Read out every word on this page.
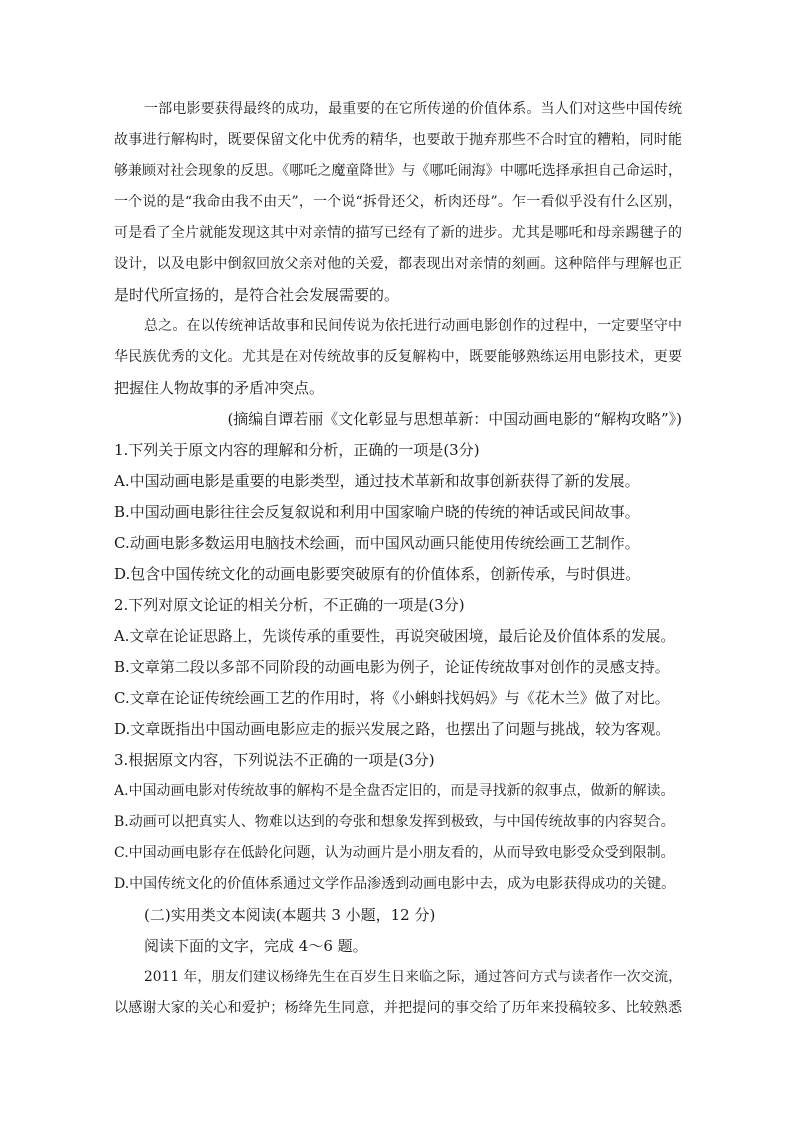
一部电影要获得最终的成功，最重要的在它所传递的价值体系。当人们对这些中国传统
故事进行解构时，既要保留文化中优秀的精华，也要敢于抛弃那些不合时宜的糟粕，同时能
够兼顾对社会现象的反思。《哪吒之魔童降世》与《哪吒闹海》中哪吒选择承担自己命运时，
一个说的是“我命由我不由天”，一个说“拆骨还父，析肉还母”。乍一看似乎没有什么区别，
可是看了全片就能发现这其中对亲情的描写已经有了新的进步。尤其是哪吒和母亲踢毽子的
设计，以及电影中倒叙回放父亲对他的关爱，都表现出对亲情的刻画。这种陪伴与理解也正
是时代所宣扬的，是符合社会发展需要的。
总之。在以传统神话故事和民间传说为依托进行动画电影创作的过程中，一定要坚守中
华民族优秀的文化。尤其是在对传统故事的反复解构中，既要能够熟练运用电影技术，更要
把握住人物故事的矛盾冲突点。
(摘编自谭若丽《文化彰显与思想革新：中国动画电影的“解构攻略”》)
1.下列关于原文内容的理解和分析，正确的一项是(3分)
A.中国动画电影是重要的电影类型，通过技术革新和故事创新获得了新的发展。
B.中国动画电影往往会反复叙说和利用中国家喻户晓的传统的神话或民间故事。
C.动画电影多数运用电脑技术绘画，而中国风动画只能使用传统绘画工艺制作。
D.包含中国传统文化的动画电影要突破原有的价值体系，创新传承，与时俱进。
2.下列对原文论证的相关分析，不正确的一项是(3分)
A.文章在论证思路上，先谈传承的重要性，再说突破困境，最后论及价值体系的发展。
B.文章第二段以多部不同阶段的动画电影为例子，论证传统故事对创作的灵感支持。
C.文章在论证传统绘画工艺的作用时，将《小蝌蚪找妈妈》与《花木兰》做了对比。
D.文章既指出中国动画电影应走的振兴发展之路，也摆出了问题与挑战，较为客观。
3.根据原文内容，下列说法不正确的一项是(3分)
A.中国动画电影对传统故事的解构不是全盘否定旧的，而是寻找新的叙事点，做新的解读。
B.动画可以把真实人、物难以达到的夸张和想象发挥到极致，与中国传统故事的内容契合。
C.中国动画电影存在低龄化问题，认为动画片是小朋友看的，从而导致电影受众受到限制。
D.中国传统文化的价值体系通过文学作品渗透到动画电影中去，成为电影获得成功的关键。
(二)实用类文本阅读(本题共 3 小题，12 分)
阅读下面的文字，完成 4～6 题。
2011 年，朋友们建议杨绛先生在百岁生日来临之际，通过答问方式与读者作一次交流，
以感谢大家的关心和爱护；杨绛先生同意，并把提问的事交给了历年来投稿较多、比较熟悉
